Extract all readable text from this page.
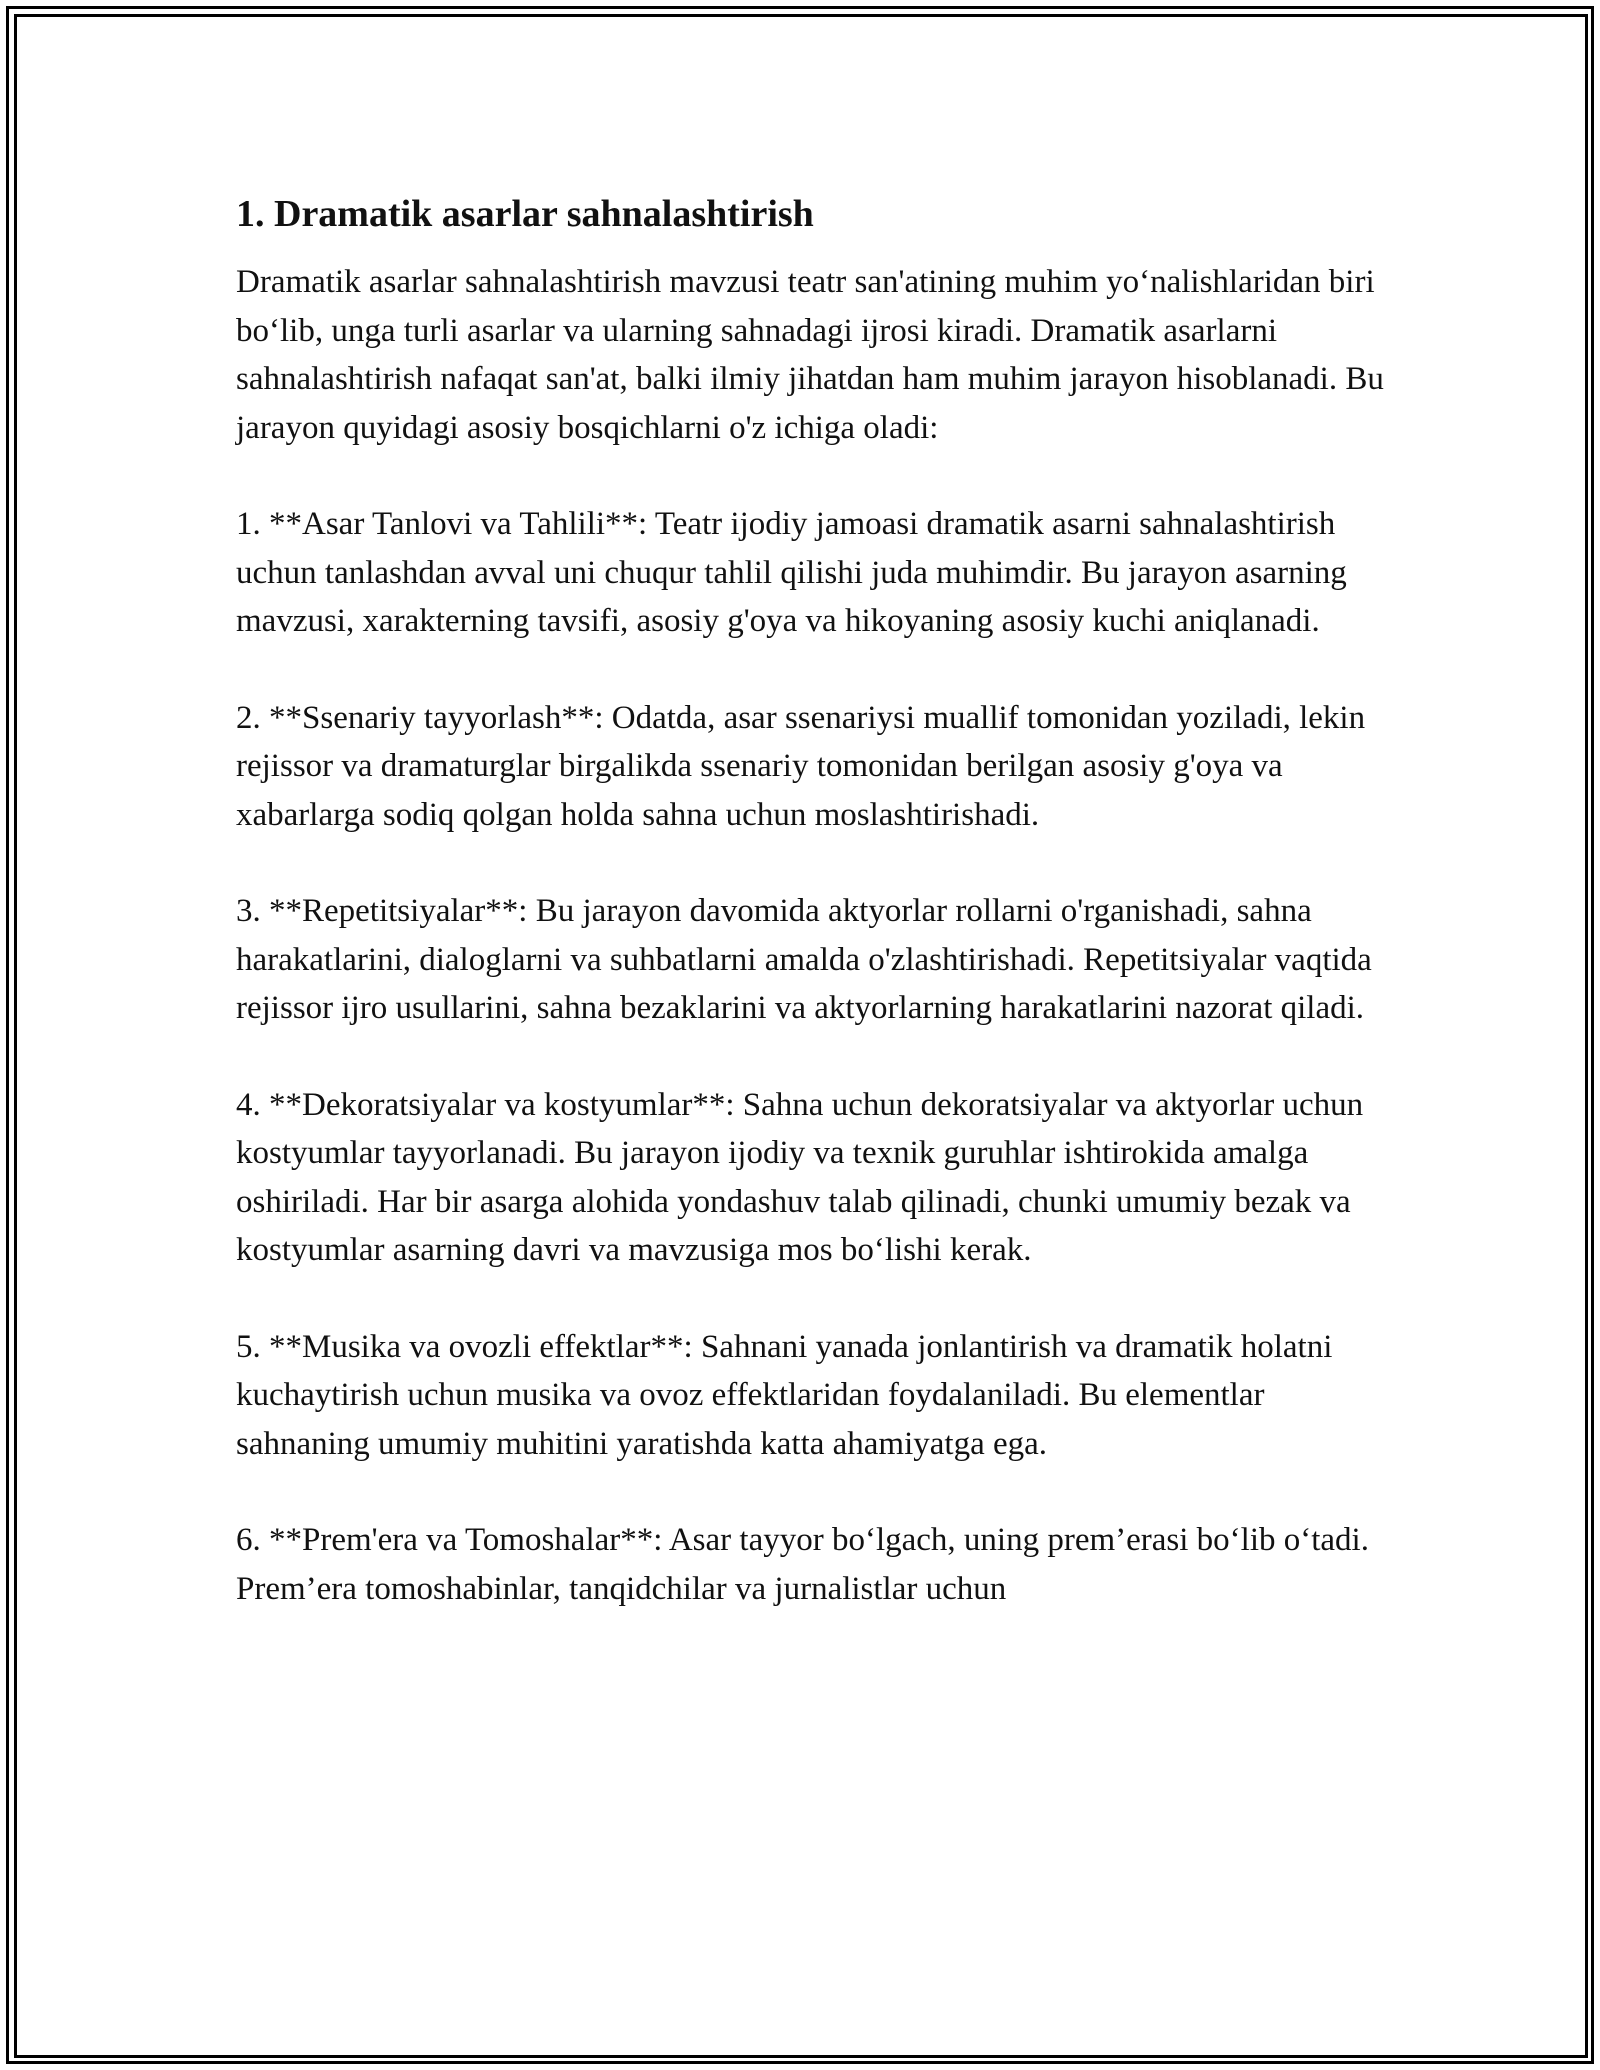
1. Dramatik asarlar sahnalashtirish

Dramatik asarlar sahnalashtirish mavzusi teatr san'atining muhim yo‘nalishlaridan biri bo‘lib, unga turli asarlar va ularning sahnadagi ijrosi kiradi. Dramatik asarlarni sahnalashtirish nafaqat san'at, balki ilmiy jihatdan ham muhim jarayon hisoblanadi. Bu jarayon quyidagi asosiy bosqichlarni o'z ichiga oladi:

1. **Asar Tanlovi va Tahlili**: Teatr ijodiy jamoasi dramatik asarni sahnalashtirish uchun tanlashdan avval uni chuqur tahlil qilishi juda muhimdir. Bu jarayon asarning mavzusi, xarakterning tavsifi, asosiy g'oya va hikoyaning asosiy kuchi aniqlanadi.

2. **Ssenariy tayyorlash**: Odatda, asar ssenariysi muallif tomonidan yoziladi, lekin rejissor va dramaturglar birgalikda ssenariy tomonidan berilgan asosiy g'oya va xabarlarga sodiq qolgan holda sahna uchun moslashtirishadi.

3. **Repetitsiyalar**: Bu jarayon davomida aktyorlar rollarni o'rganishadi, sahna harakatlarini, dialoglarni va suhbatlarni amalda o'zlashtirishadi. Repetitsiyalar vaqtida rejissor ijro usullarini, sahna bezaklarini va aktyorlarning harakatlarini nazorat qiladi.

4. **Dekoratsiyalar va kostyumlar**: Sahna uchun dekoratsiyalar va aktyorlar uchun kostyumlar tayyorlanadi. Bu jarayon ijodiy va texnik guruhlar ishtirokida amalga oshiriladi. Har bir asarga alohida yondashuv talab qilinadi, chunki umumiy bezak va kostyumlar asarning davri va mavzusiga mos bo‘lishi kerak.

5. **Musika va ovozli effektlar**: Sahnani yanada jonlantirish va dramatik holatni kuchaytirish uchun musika va ovoz effektlaridan foydalaniladi. Bu elementlar sahnaning umumiy muhitini yaratishda katta ahamiyatga ega.

6. **Prem'era va Tomoshalar**: Asar tayyor bo‘lgach, uning prem’erasi bo‘lib o‘tadi. Prem’era tomoshabinlar, tanqidchilar va jurnalistlar uchun
